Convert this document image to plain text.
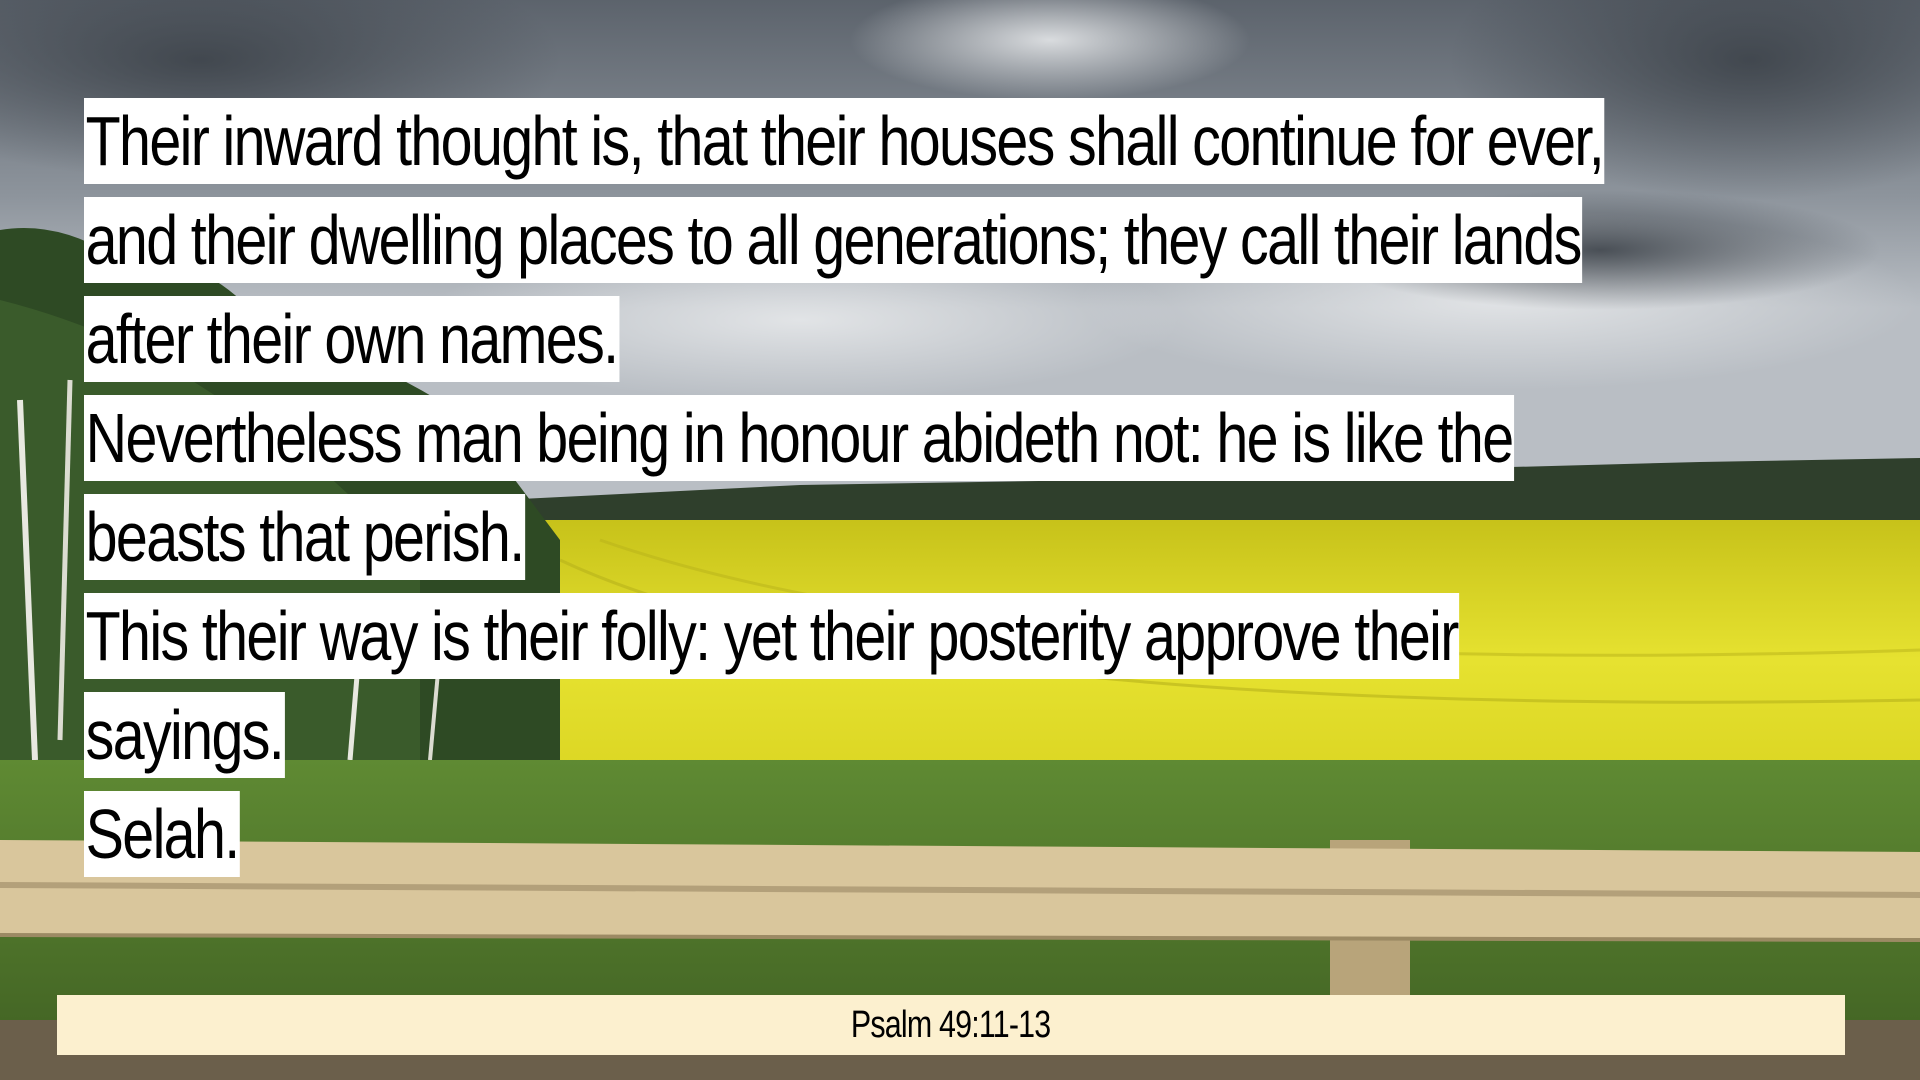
Their inward thought is, that their houses shall continue for ever,
and their dwelling places to all generations; they call their lands
after their own names.
Nevertheless man being in honour abideth not: he is like the
beasts that perish.
This their way is their folly: yet their posterity approve their
sayings.
Selah.
Psalm 49:11-13
